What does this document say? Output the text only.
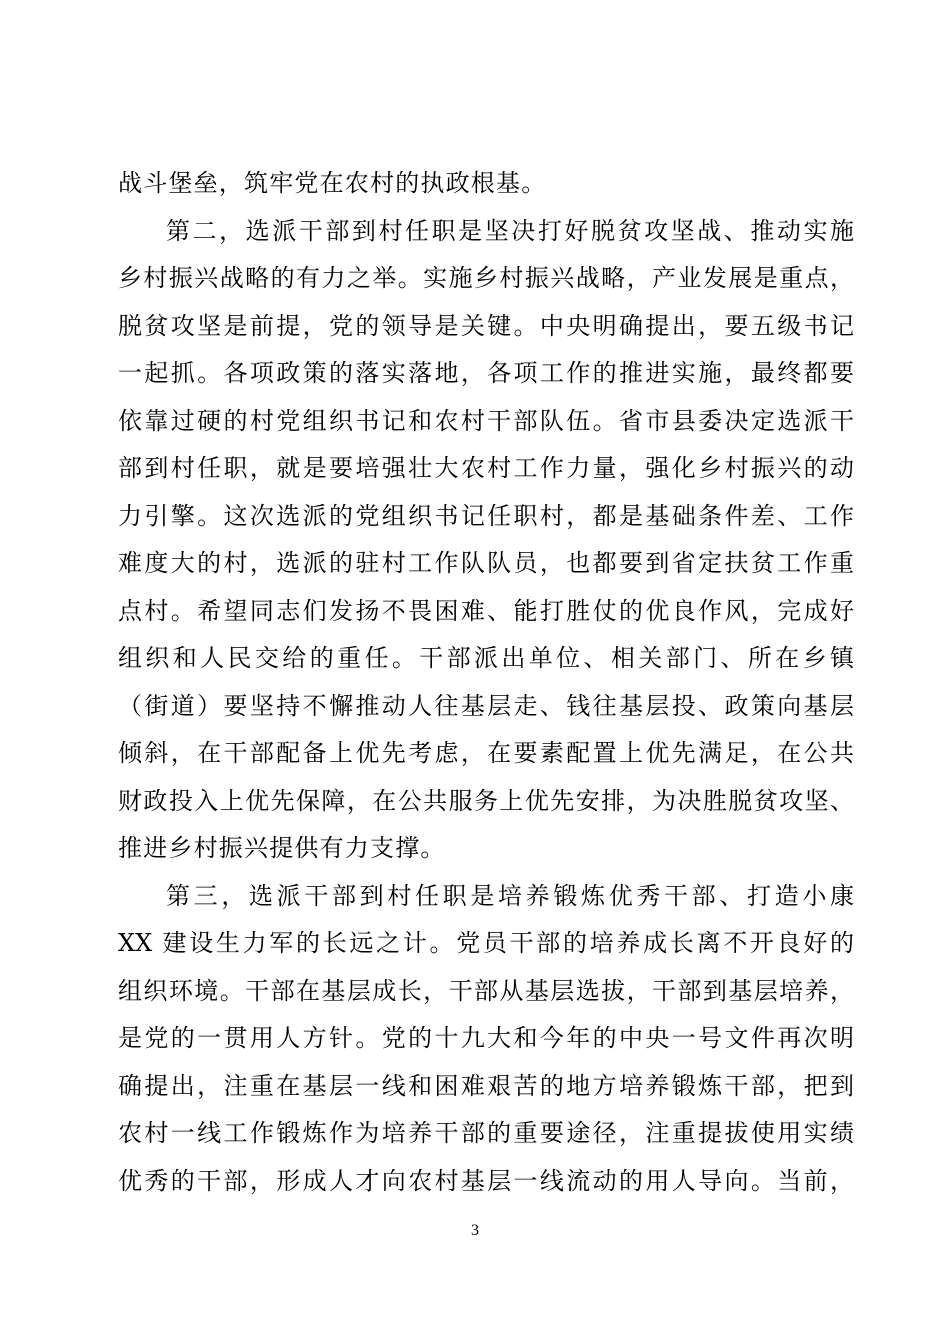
战斗堡垒，筑牢党在农村的执政根基。
第二，选派干部到村任职是坚决打好脱贫攻坚战、推动实施
乡村振兴战略的有力之举。实施乡村振兴战略，产业发展是重点，
脱贫攻坚是前提，党的领导是关键。中央明确提出，要五级书记
一起抓。各项政策的落实落地，各项工作的推进实施，最终都要
依靠过硬的村党组织书记和农村干部队伍。省市县委决定选派干
部到村任职，就是要培强壮大农村工作力量，强化乡村振兴的动
力引擎。这次选派的党组织书记任职村，都是基础条件差、工作
难度大的村，选派的驻村工作队队员，也都要到省定扶贫工作重
点村。希望同志们发扬不畏困难、能打胜仗的优良作风，完成好
组织和人民交给的重任。干部派出单位、相关部门、所在乡镇
（街道）要坚持不懈推动人往基层走、钱往基层投、政策向基层
倾斜，在干部配备上优先考虑，在要素配置上优先满足，在公共
财政投入上优先保障，在公共服务上优先安排，为决胜脱贫攻坚、
推进乡村振兴提供有力支撑。
第三，选派干部到村任职是培养锻炼优秀干部、打造小康
XX 建设生力军的长远之计。党员干部的培养成长离不开良好的
组织环境。干部在基层成长，干部从基层选拔，干部到基层培养，
是党的一贯用人方针。党的十九大和今年的中央一号文件再次明
确提出，注重在基层一线和困难艰苦的地方培养锻炼干部，把到
农村一线工作锻炼作为培养干部的重要途径，注重提拔使用实绩
优秀的干部，形成人才向农村基层一线流动的用人导向。当前，
3
